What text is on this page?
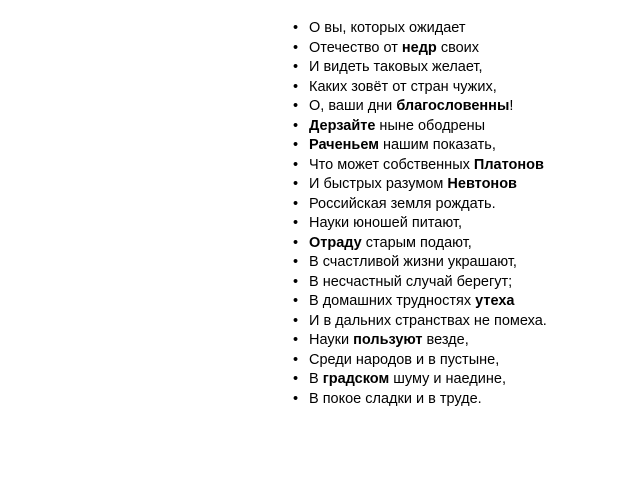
• О вы, которых ожидает
• Отечество от недр своих
• И видеть таковых желает,
• Каких зовёт от стран чужих,
• О, ваши дни благословенны!
• Дерзайте ныне ободрены
• Раченьем нашим показать,
• Что может собственных Платонов
• И быстрых разумом Невтонов
• Российская земля рождать.
• Науки юношей питают,
• Отраду старым подают,
• В счастливой жизни украшают,
• В несчастный случай берегут;
• В домашних трудностях утеха
• И в дальних странствах не помеха.
• Науки пользуют везде,
• Среди народов и в пустыне,
• В градском шуму и наедине,
• В покое сладки и в труде.
